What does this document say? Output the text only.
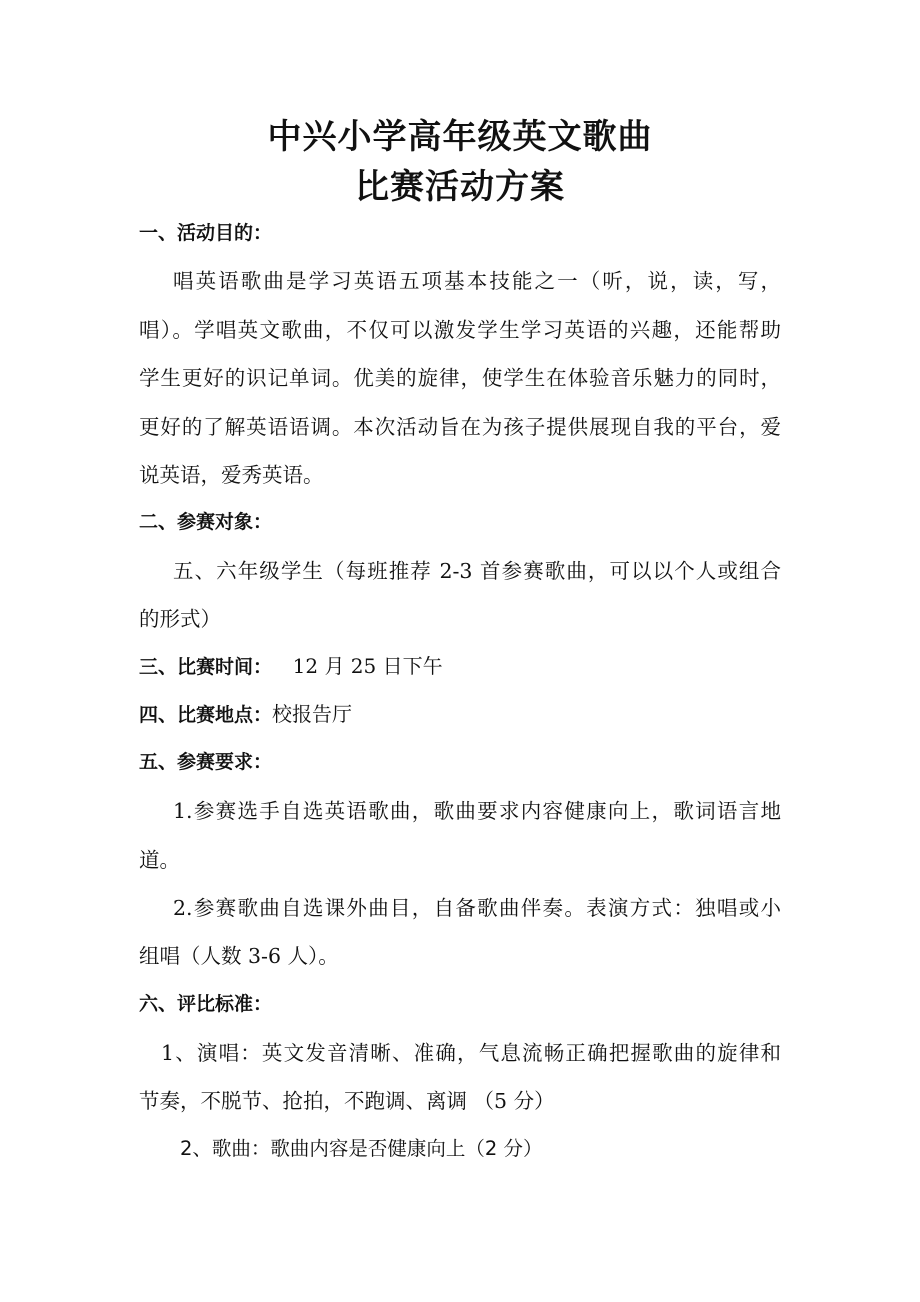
中兴小学高年级英文歌曲
比赛活动方案
一、活动目的：
唱英语歌曲是学习英语五项基本技能之一（听，说，读，写，
唱）。学唱英文歌曲，不仅可以激发学生学习英语的兴趣，还能帮助
学生更好的识记单词。优美的旋律，使学生在体验音乐魅力的同时，
更好的了解英语语调。本次活动旨在为孩子提供展现自我的平台，爱
说英语，爱秀英语。
二、参赛对象：
五、六年级学生（每班推荐 2-3 首参赛歌曲，可以以个人或组合
的形式）
三、比赛时间： 12 月 25 日下午
四、比赛地点：校报告厅
五、参赛要求：
1.参赛选手自选英语歌曲，歌曲要求内容健康向上，歌词语言地
道。
2.参赛歌曲自选课外曲目，自备歌曲伴奏。表演方式：独唱或小
组唱（人数 3-6 人）。
六、评比标准：
1、演唱：英文发音清晰、准确，气息流畅正确把握歌曲的旋律和
节奏，不脱节、抢拍，不跑调、离调 （5 分）
2、歌曲：歌曲内容是否健康向上（2 分）
